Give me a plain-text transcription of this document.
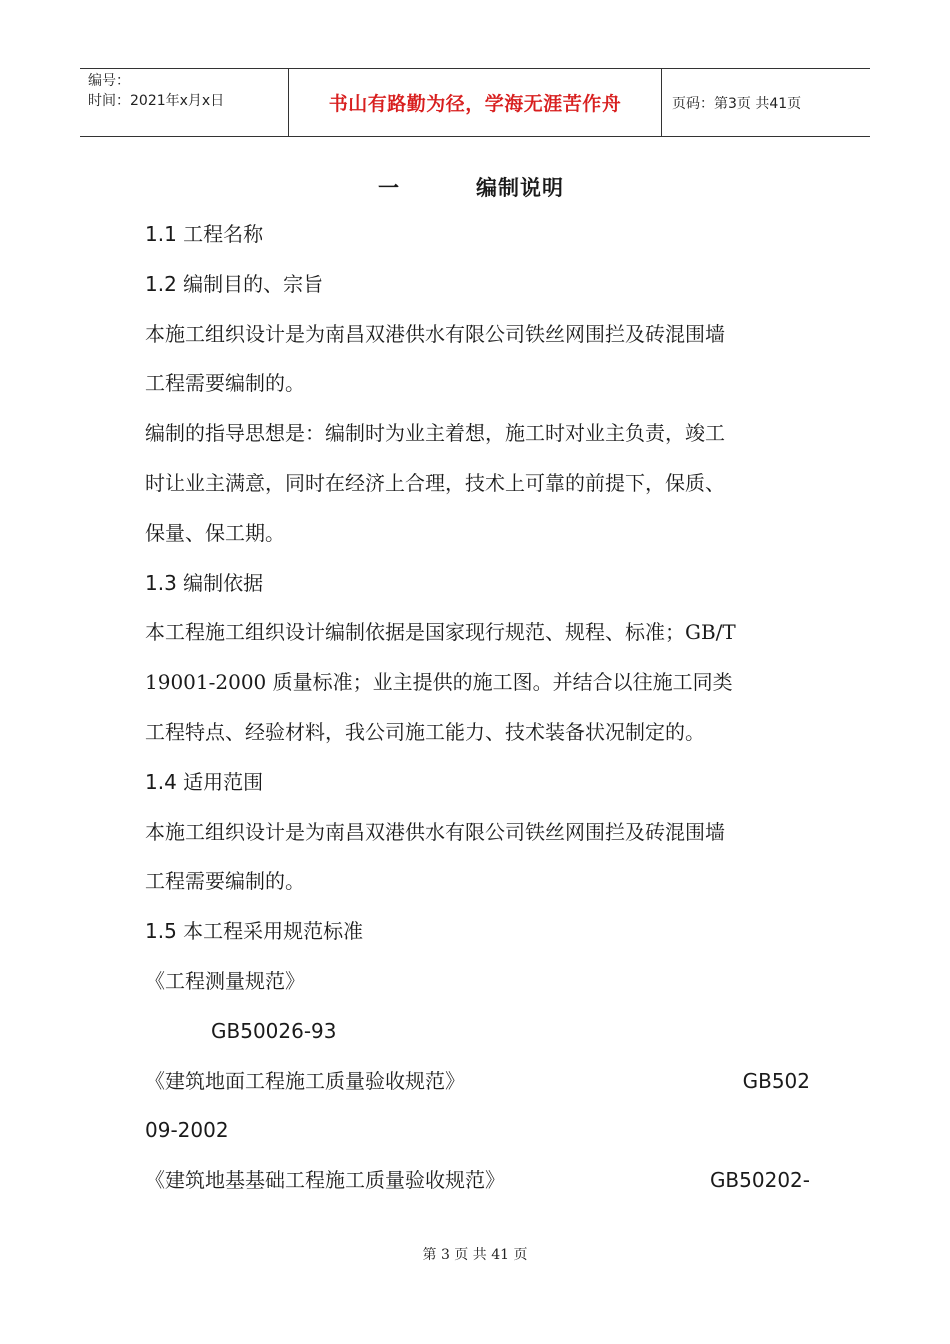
编号：
时间：2021年x月x日	书山有路勤为径，学海无涯苦作舟	页码：第3页 共41页
一	编制说明
1.1 工程名称
1.2 编制目的、宗旨
本施工组织设计是为南昌双港供水有限公司铁丝网围拦及砖混围墙
工程需要编制的。
编制的指导思想是：编制时为业主着想，施工时对业主负责，竣工
时让业主满意，同时在经济上合理，技术上可靠的前提下，保质、
保量、保工期。
1.3 编制依据
本工程施工组织设计编制依据是国家现行规范、规程、标准；GB/T
19001-2000 质量标准；业主提供的施工图。并结合以往施工同类
工程特点、经验材料，我公司施工能力、技术装备状况制定的。
1.4 适用范围
本施工组织设计是为南昌双港供水有限公司铁丝网围拦及砖混围墙
工程需要编制的。
1.5 本工程采用规范标准
《工程测量规范》
GB50026-93
《建筑地面工程施工质量验收规范》	GB502
09-2002
《建筑地基基础工程施工质量验收规范》	GB50202-
第 3 页 共 41 页
